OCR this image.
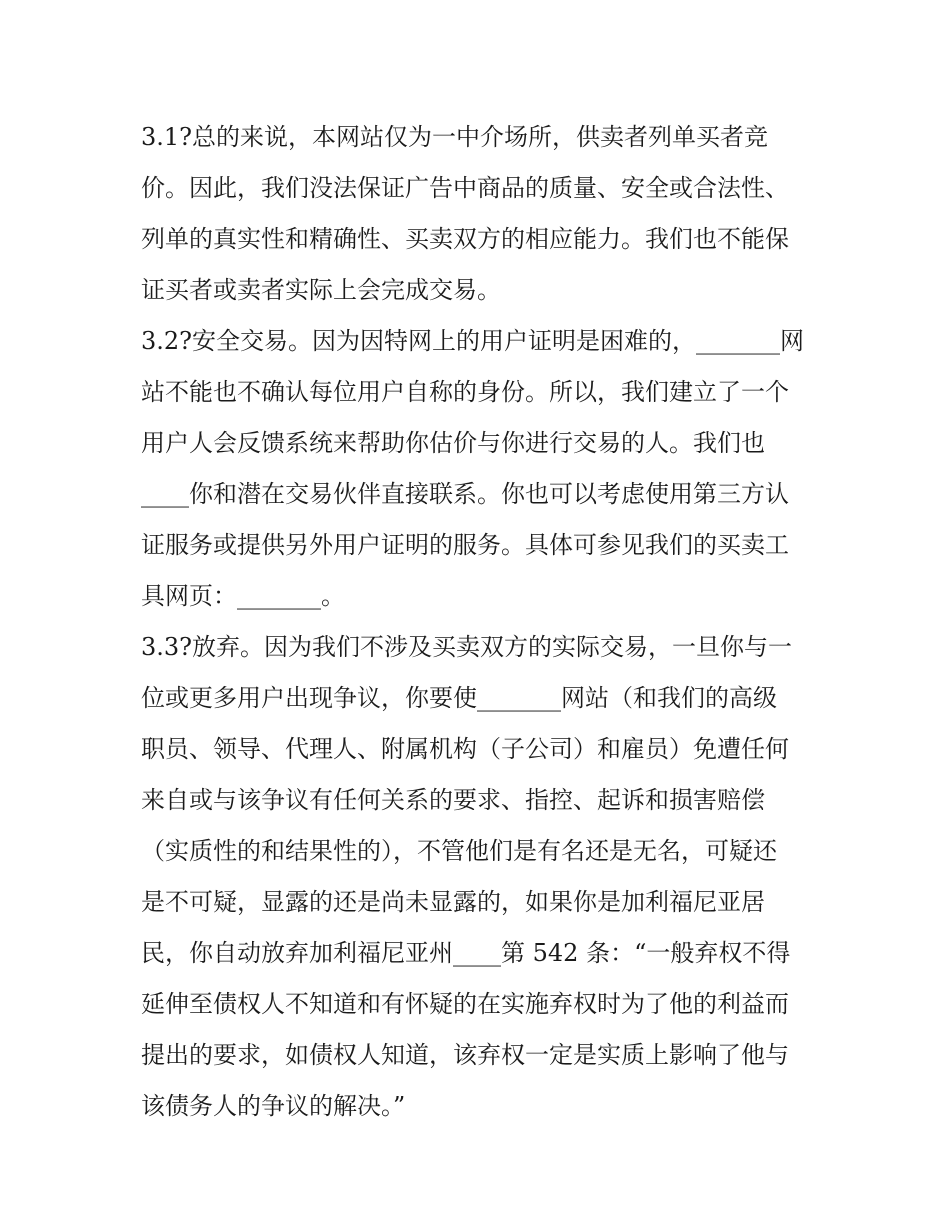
3.1?总的来说，本网站仅为一中介场所，供卖者列单买者竞
价。因此，我们没法保证广告中商品的质量、安全或合法性、
列单的真实性和精确性、买卖双方的相应能力。我们也不能保
证买者或卖者实际上会完成交易。
3.2?安全交易。因为因特网上的用户证明是困难的，_______网
站不能也不确认每位用户自称的身份。所以，我们建立了一个
用户人会反馈系统来帮助你估价与你进行交易的人。我们也
____你和潜在交易伙伴直接联系。你也可以考虑使用第三方认
证服务或提供另外用户证明的服务。具体可参见我们的买卖工
具网页：_______。
3.3?放弃。因为我们不涉及买卖双方的实际交易，一旦你与一
位或更多用户出现争议，你要使_______网站（和我们的高级
职员、领导、代理人、附属机构（子公司）和雇员）免遭任何
来自或与该争议有任何关系的要求、指控、起诉和损害赔偿
（实质性的和结果性的），不管他们是有名还是无名，可疑还
是不可疑，显露的还是尚未显露的，如果你是加利福尼亚居
民，你自动放弃加利福尼亚州____第 542 条：“一般弃权不得
延伸至债权人不知道和有怀疑的在实施弃权时为了他的利益而
提出的要求，如债权人知道，该弃权一定是实质上影响了他与
该债务人的争议的解决。”
